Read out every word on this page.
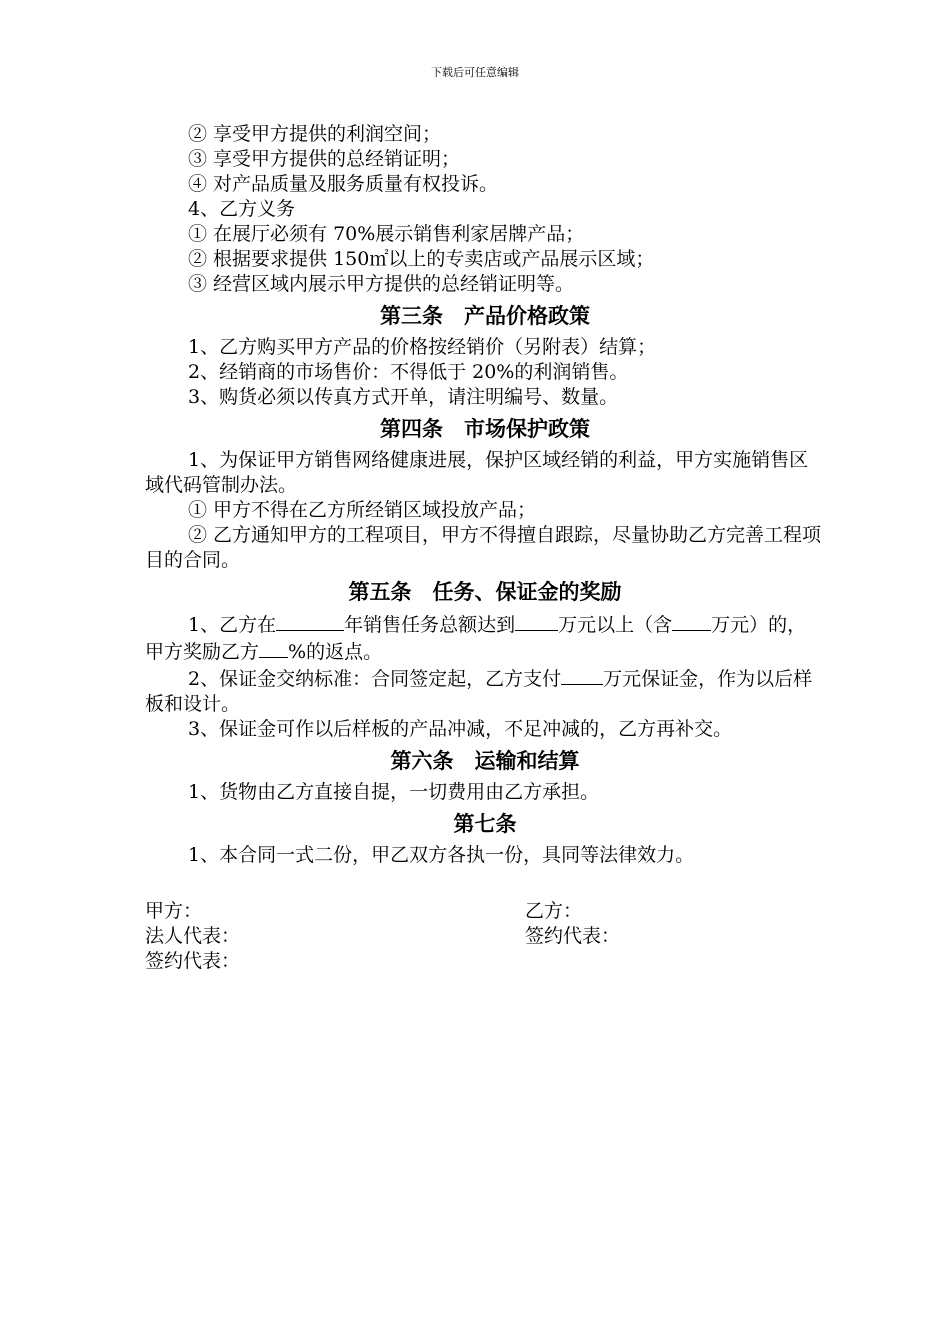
下载后可任意编辑
② 享受甲方提供的利润空间；
③ 享受甲方提供的总经销证明；
④ 对产品质量及服务质量有权投诉。
4、乙方义务
① 在展厅必须有 70%展示销售利家居牌产品；
② 根据要求提供 150㎡以上的专卖店或产品展示区域；
③ 经营区域内展示甲方提供的总经销证明等。
第三条　产品价格政策
1、乙方购买甲方产品的价格按经销价（另附表）结算；
2、经销商的市场售价：不得低于 20%的利润销售。
3、购货必须以传真方式开单，请注明编号、数量。
第四条　市场保护政策
1、为保证甲方销售网络健康进展，保护区域经销的利益，甲方实施销售区域代码管制办法。
① 甲方不得在乙方所经销区域投放产品；
② 乙方通知甲方的工程项目，甲方不得擅自跟踪，尽量协助乙方完善工程项目的合同。
第五条　任务、保证金的奖励
1、乙方在	年销售任务总额达到 万元以上（含 万元）的，甲方奖励乙方 %的返点。
2、保证金交纳标准：合同签定起，乙方支付 万元保证金，作为以后样板和设计。
3、保证金可作以后样板的产品冲减，不足冲减的，乙方再补交。
第六条　运输和结算
1、货物由乙方直接自提，一切费用由乙方承担。
第七条
1、本合同一式二份，甲乙双方各执一份，具同等法律效力。
甲方：
法人代表：
签约代表：
乙方：
签约代表：
